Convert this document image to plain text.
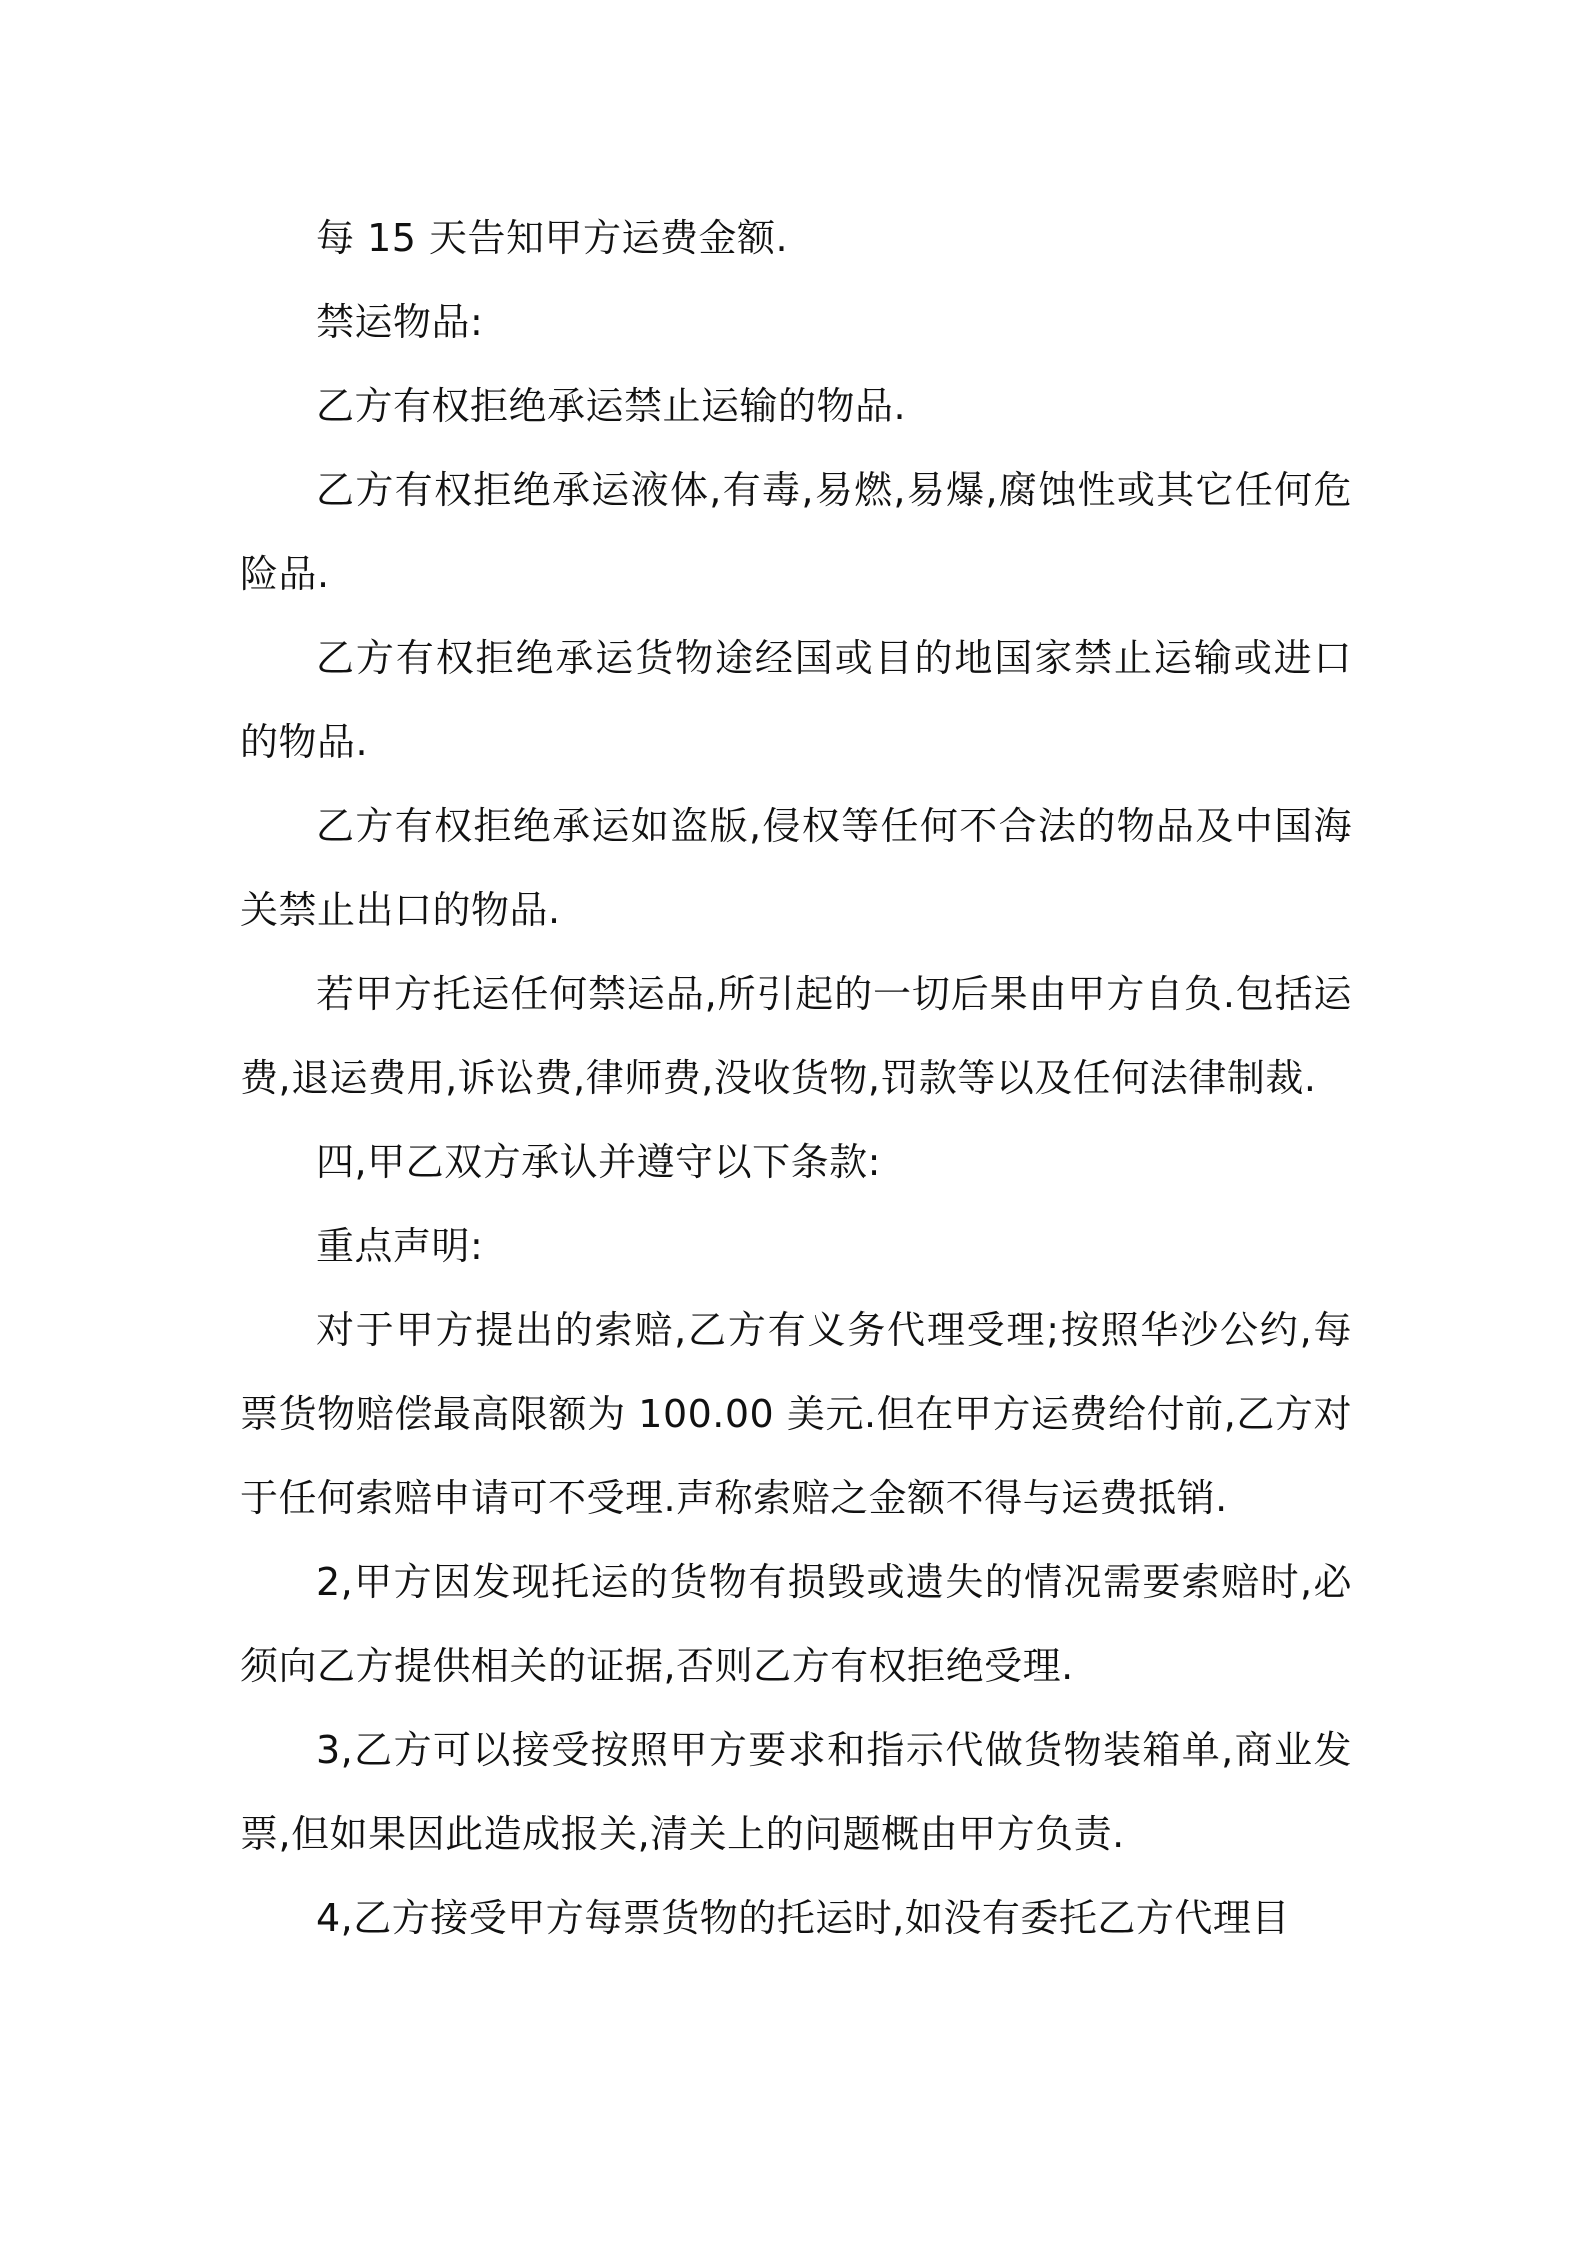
每 15 天告知甲方运费金额.

禁运物品:

乙方有权拒绝承运禁止运输的物品.

乙方有权拒绝承运液体,有毒,易燃,易爆,腐蚀性或其它任何危险品.

乙方有权拒绝承运货物途经国或目的地国家禁止运输或进口的物品.

乙方有权拒绝承运如盗版,侵权等任何不合法的物品及中国海关禁止出口的物品.

若甲方托运任何禁运品,所引起的一切后果由甲方自负.包括运费,退运费用,诉讼费,律师费,没收货物,罚款等以及任何法律制裁.

四,甲乙双方承认并遵守以下条款:

重点声明:

对于甲方提出的索赔,乙方有义务代理受理;按照华沙公约,每票货物赔偿最高限额为 100.00 美元.但在甲方运费给付前,乙方对于任何索赔申请可不受理.声称索赔之金额不得与运费抵销.

2,甲方因发现托运的货物有损毁或遗失的情况需要索赔时,必须向乙方提供相关的证据,否则乙方有权拒绝受理.

3,乙方可以接受按照甲方要求和指示代做货物装箱单,商业发票,但如果因此造成报关,清关上的问题概由甲方负责.

4,乙方接受甲方每票货物的托运时,如没有委托乙方代理目
